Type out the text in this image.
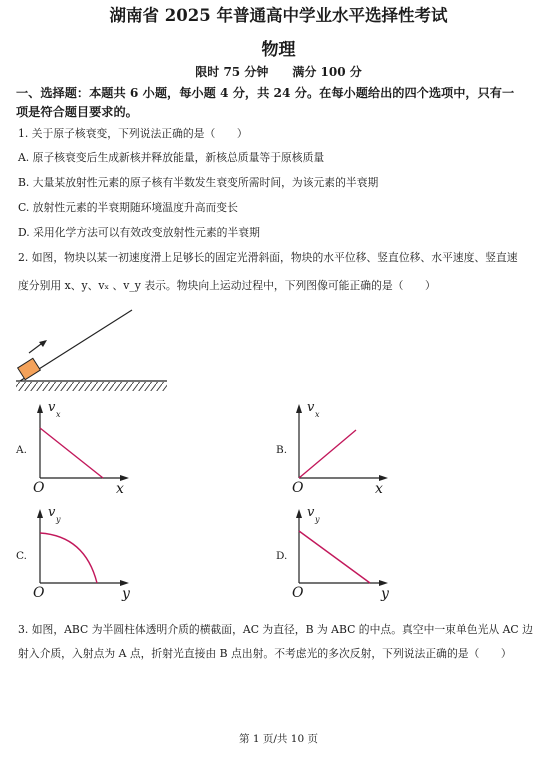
湖南省 2025 年普通高中学业水平选择性考试
物理
限时 75 分钟　　满分 100 分
一、选择题：本题共 6 小题，每小题 4 分，共 24 分。在每小题给出的四个选项中，只有一
项是符合题目要求的。
1. 关于原子核衰变，下列说法正确的是（　　）
A. 原子核衰变后生成新核并释放能量，新核总质量等于原核质量
B. 大量某放射性元素的原子核有半数发生衰变所需时间，为该元素的半衰期
C. 放射性元素的半衰期随环境温度升高而变长
D. 采用化学方法可以有效改变放射性元素的半衰期
2. 如图，物块以某一初速度滑上足够长的固定光滑斜面，物块的水平位移、竖直位移、水平速度、竖直速
度分别用 x、y、vₓ 、v_y 表示。物块向上运动过程中，下列图像可能正确的是（　　）
A.
v x
O	x
B.
v x
O	x
C.
v y
O	y
D.
v y
O	y
3. 如图，ABC 为半圆柱体透明介质的横截面，AC 为直径，B 为 ABC 的中点。真空中一束单色光从 AC 边
射入介质，入射点为 A 点，折射光直接由 B 点出射。不考虑光的多次反射，下列说法正确的是（　　）
第 1 页/共 10 页
